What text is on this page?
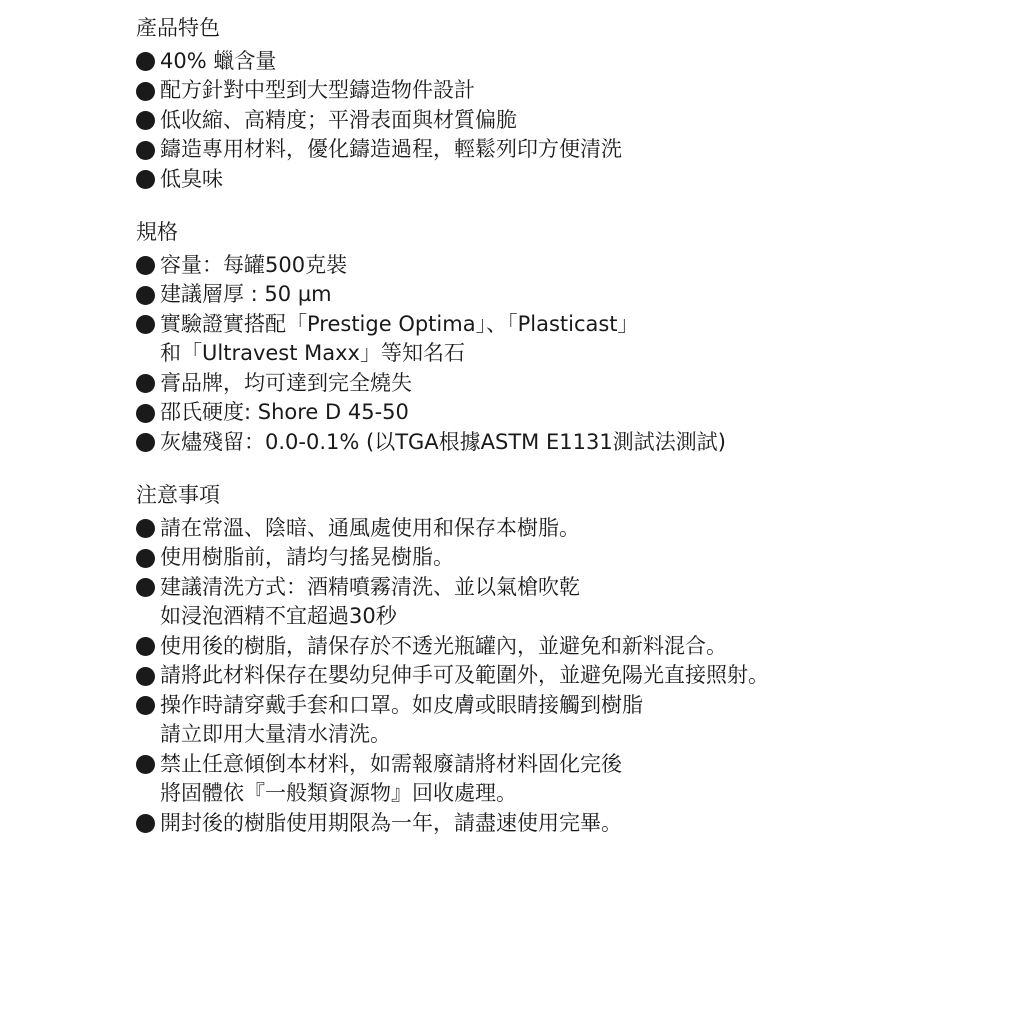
產品特色
40% 蠟含量
配方針對中型到大型鑄造物件設計
低收縮、高精度；平滑表面與材質偏脆
鑄造專用材料，優化鑄造過程，輕鬆列印方便清洗
低臭味
規格
容量：每罐500克裝
建議層厚 : 50 µm
實驗證實搭配「Prestige Optima」、「Plasticast」
和「Ultravest Maxx」等知名石
膏品牌，均可達到完全燒失
邵氏硬度: Shore D 45-50
灰燼殘留：0.0-0.1% (以TGA根據ASTM E1131測試法測試)
注意事項
請在常溫、陰暗、通風處使用和保存本樹脂。
使用樹脂前，請均勻搖晃樹脂。
建議清洗方式：酒精噴霧清洗、並以氣槍吹乾
如浸泡酒精不宜超過30秒
使用後的樹脂，請保存於不透光瓶罐內，並避免和新料混合。
請將此材料保存在嬰幼兒伸手可及範圍外，並避免陽光直接照射。
操作時請穿戴手套和口罩。如皮膚或眼睛接觸到樹脂
請立即用大量清水清洗。
禁止任意傾倒本材料，如需報廢請將材料固化完後
將固體依『一般類資源物』回收處理。
開封後的樹脂使用期限為一年，請盡速使用完畢。
